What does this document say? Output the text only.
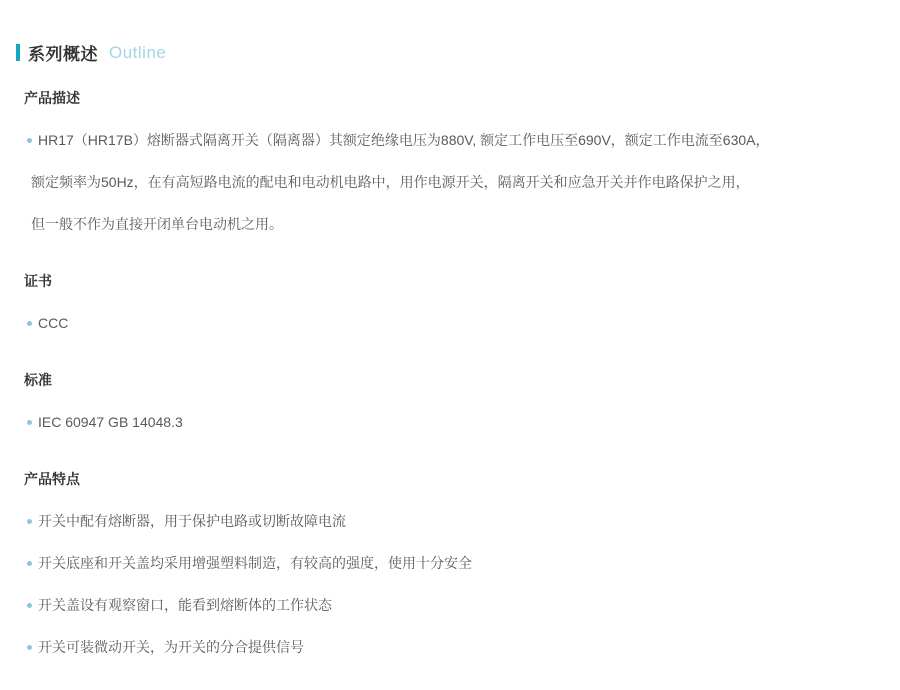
系列概述 Outline
产品描述
HR17（HR17B）熔断器式隔离开关（隔离器）其额定绝缘电压为880V, 额定工作电压至690V，额定工作电流至630A，
额定频率为50Hz，在有高短路电流的配电和电动机电路中，用作电源开关，隔离开关和应急开关并作电路保护之用，
但一般不作为直接开闭单台电动机之用。
证书
CCC
标准
IEC 60947 GB 14048.3
产品特点
开关中配有熔断器，用于保护电路或切断故障电流
开关底座和开关盖均采用增强塑料制造，有较高的强度，使用十分安全
开关盖设有观察窗口，能看到熔断体的工作状态
开关可装微动开关，为开关的分合提供信号
